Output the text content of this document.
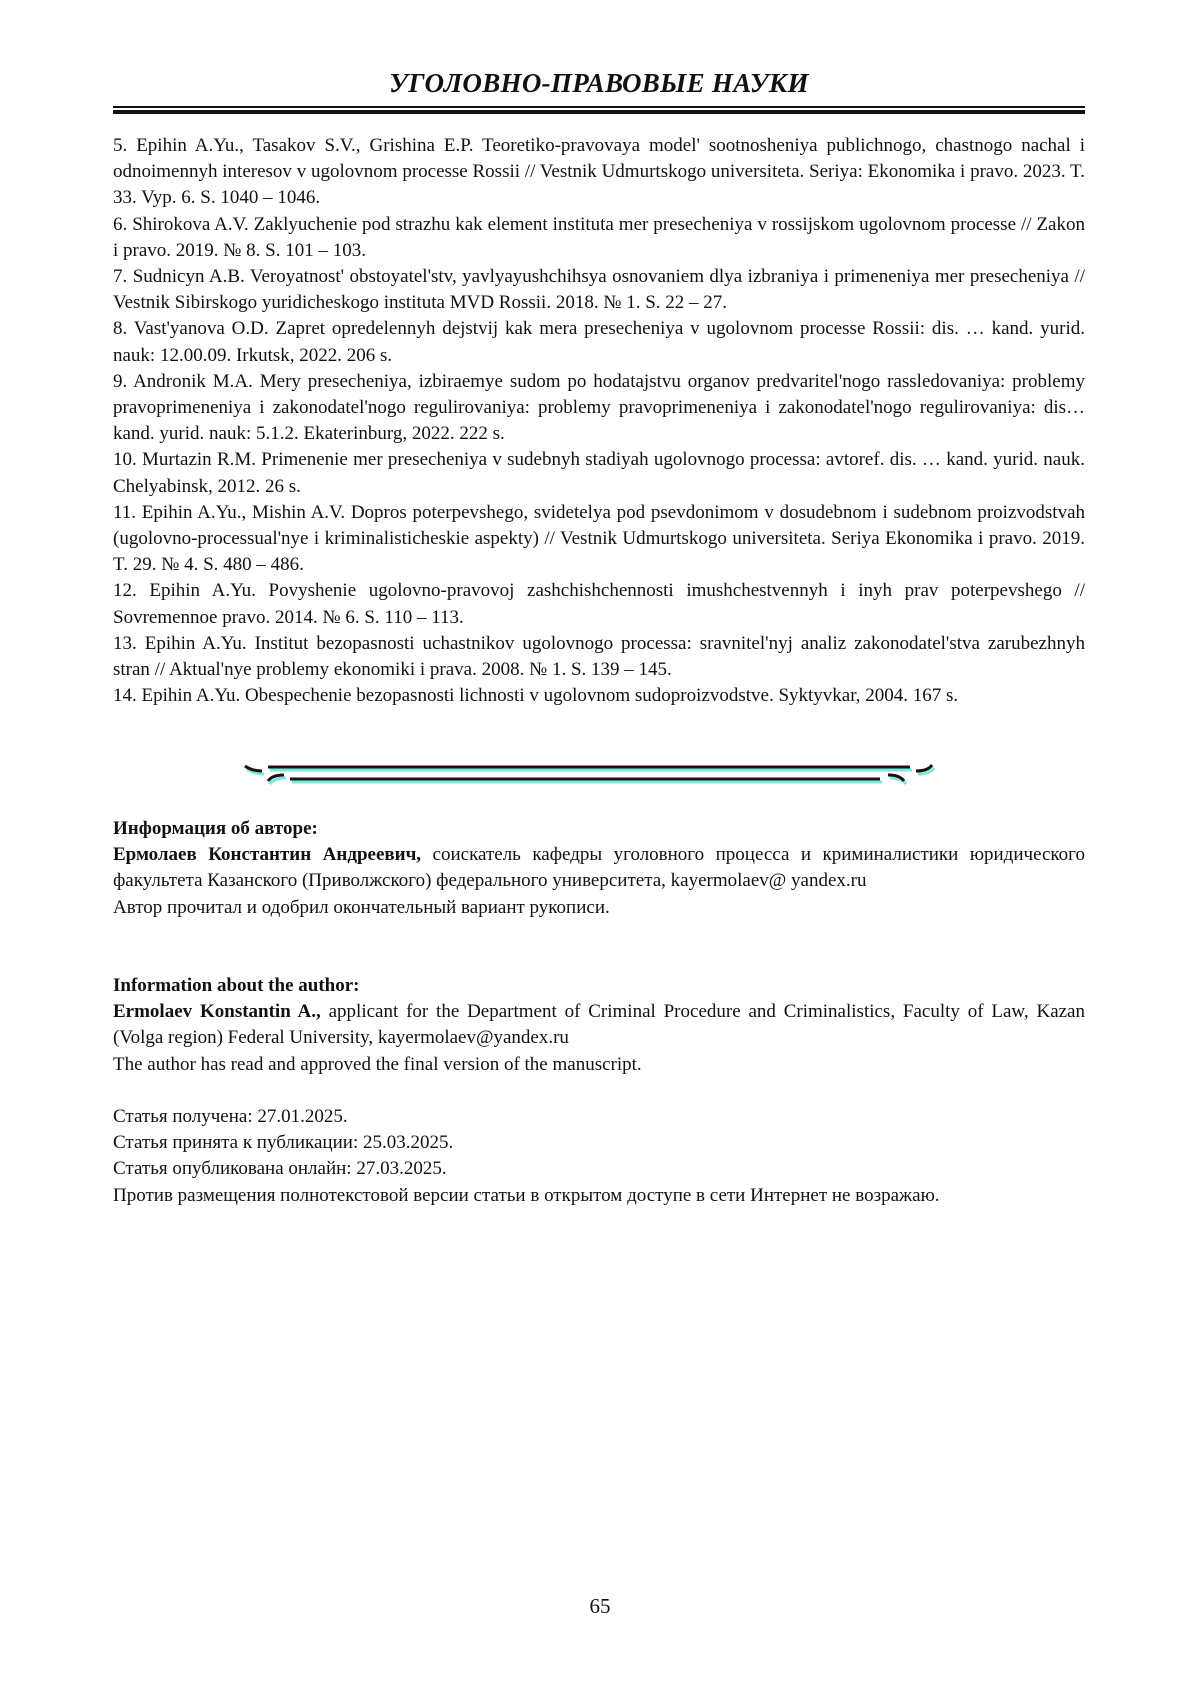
УГОЛОВНО-ПРАВОВЫЕ НАУКИ

5. Epihin A.Yu., Tasakov S.V., Grishina E.P. Teoretiko-pravovaya model' sootnosheniya publichnogo, chastnogo nachal i odnoimennyh interesov v ugolovnom processe Rossii // Vestnik Udmurtskogo universiteta. Seriya: Ekonomika i pravo. 2023. T. 33. Vyp. 6. S. 1040 – 1046.

6. Shirokova A.V. Zaklyuchenie pod strazhu kak element instituta mer presecheniya v rossijskom ugolovnom processe // Zakon i pravo. 2019. № 8. S. 101 – 103.

7. Sudnicyn A.B. Veroyatnost' obstoyatel'stv, yavlyayushchihsya osnovaniem dlya izbraniya i primeneniya mer presecheniya // Vestnik Sibirskogo yuridicheskogo instituta MVD Rossii. 2018. № 1. S. 22 – 27.

8. Vast'yanova O.D. Zapret opredelennyh dejstvij kak mera presecheniya v ugolovnom processe Rossii: dis. … kand. yurid. nauk: 12.00.09. Irkutsk, 2022. 206 s.

9. Andronik M.A. Mery presecheniya, izbiraemye sudom po hodatajstvu organov predvaritel'nogo rassledovaniya: problemy pravoprimeneniya i zakonodatel'nogo regulirovaniya: problemy pravoprimeneniya i zakonodatel'nogo regulirovaniya: dis… kand. yurid. nauk: 5.1.2. Ekaterinburg, 2022. 222 s.

10. Murtazin R.M. Primenenie mer presecheniya v sudebnyh stadiyah ugolovnogo processa: avtoref. dis. … kand. yurid. nauk. Chelyabinsk, 2012. 26 s.

11. Epihin A.Yu., Mishin A.V. Dopros poterpevshego, svidetelya pod psevdonimom v dosudebnom i sudebnom proizvodstvah (ugolovno-processual'nye i kriminalisticheskie aspekty) // Vestnik Udmurtskogo universiteta. Seriya Ekonomika i pravo. 2019. T. 29. № 4. S. 480 – 486.

12. Epihin A.Yu. Povyshenie ugolovno-pravovoj zashchishchennosti imushchestvennyh i inyh prav poterpevshego // Sovremennoe pravo. 2014. № 6. S. 110 – 113.

13. Epihin A.Yu. Institut bezopasnosti uchastnikov ugolovnogo processa: sravnitel'nyj analiz zakonodatel'stva zarubezhnyh stran // Aktual'nye problemy ekonomiki i prava. 2008. № 1. S. 139 – 145.

14. Epihin A.Yu. Obespechenie bezopasnosti lichnosti v ugolovnom sudoproizvodstve. Syktyvkar, 2004. 167 s.

Информация об авторе:

Ермолаев Константин Андреевич, соискатель кафедры уголовного процесса и криминалистики юридического факультета Казанского (Приволжского) федерального университета, kayermolaev@ yandex.ru

Автор прочитал и одобрил окончательный вариант рукописи.

Information about the author:

Ermolaev Konstantin A., applicant for the Department of Criminal Procedure and Criminalistics, Faculty of Law, Kazan (Volga region) Federal University, kayermolaev@yandex.ru

The author has read and approved the final version of the manuscript.

Статья получена: 27.01.2025.

Статья принята к публикации: 25.03.2025.

Статья опубликована онлайн: 27.03.2025.

Против размещения полнотекстовой версии статьи в открытом доступе в сети Интернет не возражаю.

65
